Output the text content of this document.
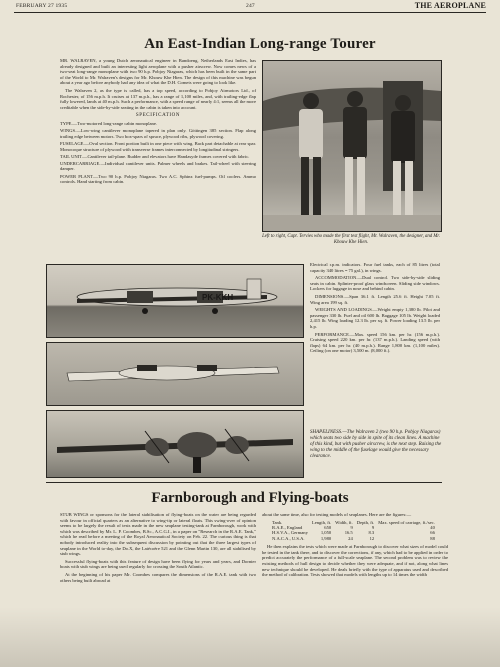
FEBRUARY 27 1935	247	THE AEROPLANE
An East-Indian Long-range Tourer

MR. WALRAVEN, a young Dutch aeronautical engineer in Bandoeng, Netherlands East Indies, has already designed and built an interesting light aeroplane with a pusher airscrew. Now comes news of a two-seat long-range monoplane with two 90 h.p. Pobjoy Niagaras, which has been built in the same part of the World to Mr. Walraven's designs for Mr. Khouw Khe Hien. The design of this machine was begun about a year ago before anybody had any idea of what the D.H. Comets were going to look like.

The Walraven 2, as the type is called, has a top speed, according to Pobjoy Airmotors Ltd., of Rochester, of 156 m.p.h. It cruises at 137 m.p.h., has a range of 1,100 miles, and, with trailing-edge flap fully lowered, lands at 40 m.p.h. Such a performance, with a speed range of nearly 4:1, seems all the more creditable when the side-by-side seating in the cabin is taken into account.

SPECIFICATION

TYPE.—Two-motored long-range cabin monoplane.

WINGS.—Low-wing cantilever monoplane tapered in plan only. Göttingen 385 section. Flap along trailing edge between motors. Two box-spars of spruce, plywood ribs, plywood covering.

FUSELAGE.—Oval section. Front portion built in one piece with wing. Back part detachable at rear spar. Monocoque structure of plywood with transverse frames interconnected by longitudinal stringers.

TAIL UNIT.—Cantilever tail-plane. Rudder and elevators have Handasyde frames covered with fabric.

UNDERCARRIAGE.—Individual cantilever units. Palmer wheels and brakes. Tail-wheel with steering damper.

POWER PLANT.—Two 90 h.p. Pobjoy Niagaras. Two A.C. Sphinx fuel-pumps. Oil coolers. Ammo controls. Hand starting from cabin.

Left to right, Capt. Tervies who made the first test flight, Mr. Walraven, the designer, and Mr. Khouw Khe Hien.
PK-KKH

Electrical r.p.m. indicators. Four fuel tanks, each of 85 litres (total capacity 340 litres = 75 gal.), in wings.

ACCOMMODATION.—Dual control. Two side-by-side sliding seats in cabin. Splinter-proof glass windscreen. Sliding side windows. Lockers for luggage in nose and behind cabin.

DIMENSIONS.—Span 36.1 ft. Length 25.6 ft. Height 7.05 ft. Wing area 199 sq. ft.

WEIGHTS AND LOADINGS.—Weight empty 1,380 lb. Pilot and passenger 330 lb. Fuel and oil 600 lb. Baggage 105 lb. Weight loaded 2,415 lb. Wing loading 12.3 lb. per sq. ft. Power loading 13.5 lb. per h.p.

PERFORMANCE.—Max. speed 156 km. per hr. (156 m.p.h.). Cruising speed 220 km. per hr. (137 m.p.h.). Landing speed (with flaps) 64 km. per hr. (40 m.p.h.). Range 1,800 km. (1,100 miles). Ceiling (on one motor) 3,500 m. (8,000 ft.).

SHAPELINESS.—The Walraven 2 (two 90 h.p. Pobjoy Niagaras) which seats two side by side in spite of its clean lines. A machine of this kind, but with pusher airscrew, is the next step. Raising the wing to the middle of the fuselage would give the necessary clearance.
Farnborough and Flying-boats

STUB WINGS or sponsons for the lateral stabilisation of flying-boats on the water are being regarded with favour in official quarters as an alternative to wing-tip or lateral floats. This swing-over of opinion seems to be largely the result of tests made in the new seaplane testing-tank at Farnborough, work with which was described by Mr. L. P. Coombes, B.Sc., A.C.G.I., in a paper on "Research in the R.A.E. Tank," which he read before a meeting of the Royal Aeronautical Society on Feb. 22. The curious thing is that nobody introduced reality into the subsequent discussion by pointing out that the three largest types of seaplane in the World to-day, the Do.X, the Latécoère 521 and the Glenn Martin 130, are all stabilised by stub wings.

Successful flying-boats with this feature of design have been flying for years and years, and Dornier boats with stub wings are being used regularly for crossing the South Atlantic.

At the beginning of his paper Mr. Coombes compares the dimensions of the R.A.E. tank with two others being built abroad at

about the same time, also for testing models of seaplanes. Here are the figures:—

Tank.	Length, ft.	Width, ft.	Depth, ft.	Max. speed of carriage, ft./sec.
R.A.E., England	650	9	9	40
H.S.V.A., Germany	1,050	16.5	8.3	66
N.A.C.A., U.S.A.	1,980	24	12	88

He then explains the tests which were made at Farnborough to discover what sizes of model could be tested in the tank there, and to discover the corrections, if any, which had to be applied in order to predict accurately the performance of a full-scale seaplane. The second problem was to review the existing methods of hull design to decide whether they were adequate, and if not, along what lines new technique should be developed. He deals briefly with the type of apparatus used and described the method of calibration. Tests showed that models with lengths up to 14 times the width
